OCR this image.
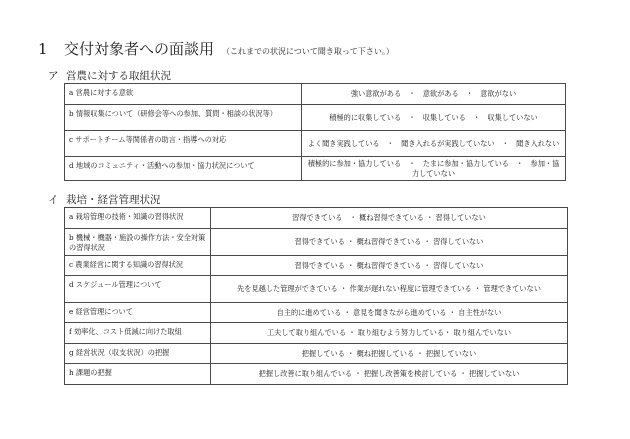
1 交付対象者への面談用 （これまでの状況について聞き取って下さい。）
ア 営農に対する取組状況
a 営農に対する意欲	強い意欲がある　・　意欲がある　・　意欲がない
b 情報収集について（研修会等への参加、質問・相談の状況等）	積極的に収集している　・　収集している　・　収集していない
c サポートチーム等関係者の助言・指導への対応	よく聞き実践している　・　聞き入れるが実践していない　・　聞き入れない
d 地域のコミュニティ・活動への参加・協力状況について	積極的に参加・協力している　・　たまに参加・協力している　・　参加・協力していない
イ 栽培・経営管理状況
a 栽培管理の技術・知識の習得状況	習得できている　・ 概ね習得できている ・ 習得していない
b 機械・機器・施設の操作方法・安全対策の習得状況	習得できている ・ 概ね習得できている ・ 習得していない
c 農業経営に関する知識の習得状況	習得できている ・ 概ね習得できている ・ 習得していない
d スケジュール管理について	先を見越した管理ができている ・ 作業が遅れない程度に管理できている ・ 管理できていない
e 経営管理について	自主的に進めている ・ 意見を聞きながら進めている ・ 自主性がない
f 効率化、コスト低減に向けた取組	工夫して取り組んでいる ・ 取り組むよう努力している・ 取り組んでいない
g 経営状況（収支状況）の把握	把握している ・ 概ね把握している ・ 把握していない
h 課題の把握	把握し改善に取り組んでいる ・ 把握し改善策を検討している ・ 把握していない
